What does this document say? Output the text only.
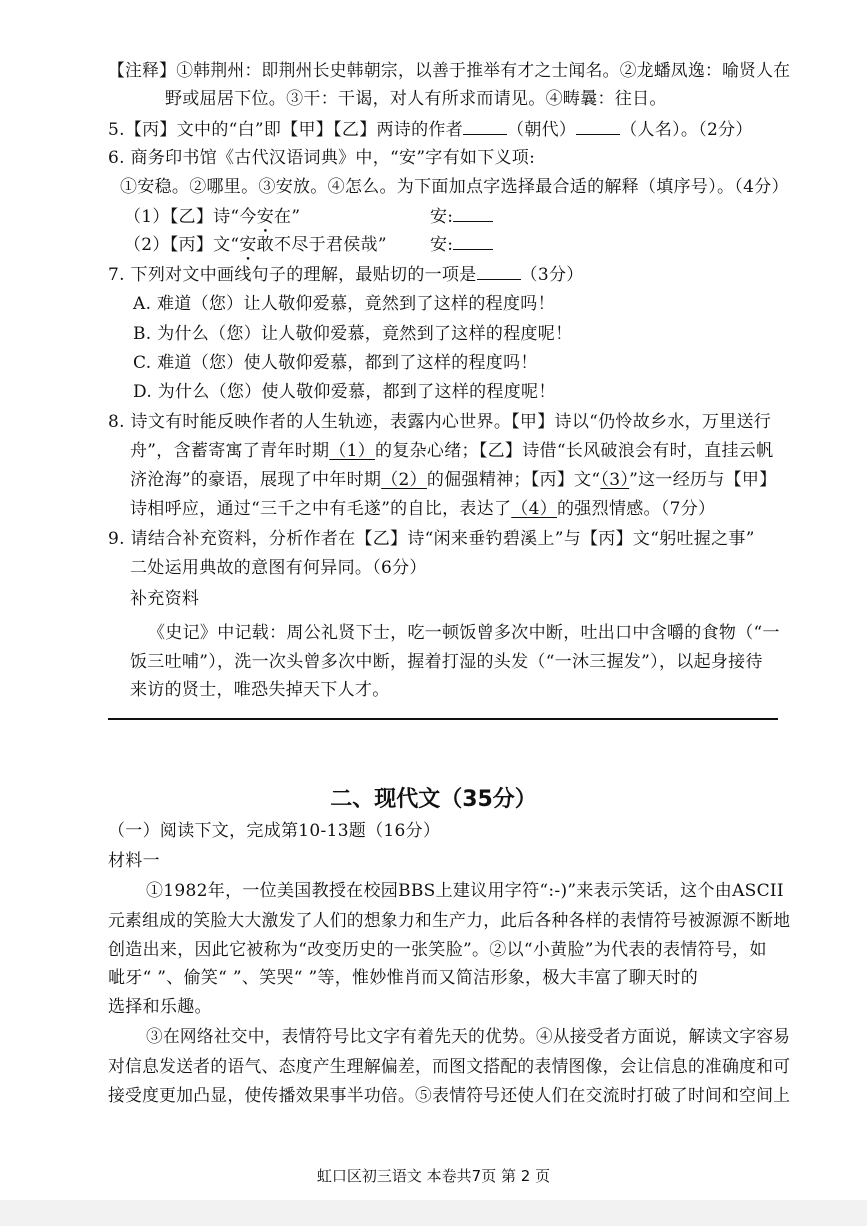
【注释】①韩荆州：即荆州长史韩朝宗，以善于推举有才之士闻名。②龙蟠凤逸：喻贤人在
野或屈居下位。③干：干谒，对人有所求而请见。④畴曩：往日。
5.【丙】文中的“白”即【甲】【乙】两诗的作者	（朝代）	（人名）。（2分）
6. 商务印书馆《古代汉语词典》中，“安”字有如下义项:
①安稳。②哪里。③安放。④怎么。为下面加点字选择最合适的解释（填序号）。（4分）
（1）【乙】诗“今安在”	安:
（2）【丙】文“安敢不尽于君侯哉”	安:
7. 下列对文中画线句子的理解，最贴切的一项是	（3分）
A. 难道（您）让人敬仰爱慕，竟然到了这样的程度吗！
B. 为什么（您）让人敬仰爱慕，竟然到了这样的程度呢！
C. 难道（您）使人敬仰爱慕，都到了这样的程度吗！
D. 为什么（您）使人敬仰爱慕，都到了这样的程度呢！
8. 诗文有时能反映作者的人生轨迹，表露内心世界。【甲】诗以“仍怜故乡水，万里送行
舟”，含蓄寄寓了青年时期（1）的复杂心绪；【乙】诗借“长风破浪会有时，直挂云帆
济沧海”的豪语，展现了中年时期（2）的倔强精神；【丙】文“（3）”这一经历与【甲】
诗相呼应，通过“三千之中有毛遂”的自比，表达了（4）的强烈情感。（7分）
9. 请结合补充资料，分析作者在【乙】诗“闲来垂钓碧溪上”与【丙】文“躬吐握之事”
二处运用典故的意图有何异同。（6分）
补充资料
《史记》中记载：周公礼贤下士，吃一顿饭曾多次中断，吐出口中含嚼的食物（“一
饭三吐哺”），洗一次头曾多次中断，握着打湿的头发（“一沐三握发”），以起身接待
来访的贤士，唯恐失掉天下人才。
二、现代文（35分）
（一）阅读下文，完成第10-13题（16分）
材料一
①1982年，一位美国教授在校园BBS上建议用字符“:-)”来表示笑话，这个由ASCII
元素组成的笑脸大大激发了人们的想象力和生产力，此后各种各样的表情符号被源源不断地
创造出来，因此它被称为“改变历史的一张笑脸”。②以“小黄脸”为代表的表情符号，如
呲牙“ ”、偷笑“ ”、笑哭“ ”等，惟妙惟肖而又简洁形象，极大丰富了聊天时的
选择和乐趣。
③在网络社交中，表情符号比文字有着先天的优势。④从接受者方面说，解读文字容易
对信息发送者的语气、态度产生理解偏差，而图文搭配的表情图像，会让信息的准确度和可
接受度更加凸显，使传播效果事半功倍。⑤表情符号还使人们在交流时打破了时间和空间上
虹口区初三语文 本卷共7页 第 2 页
